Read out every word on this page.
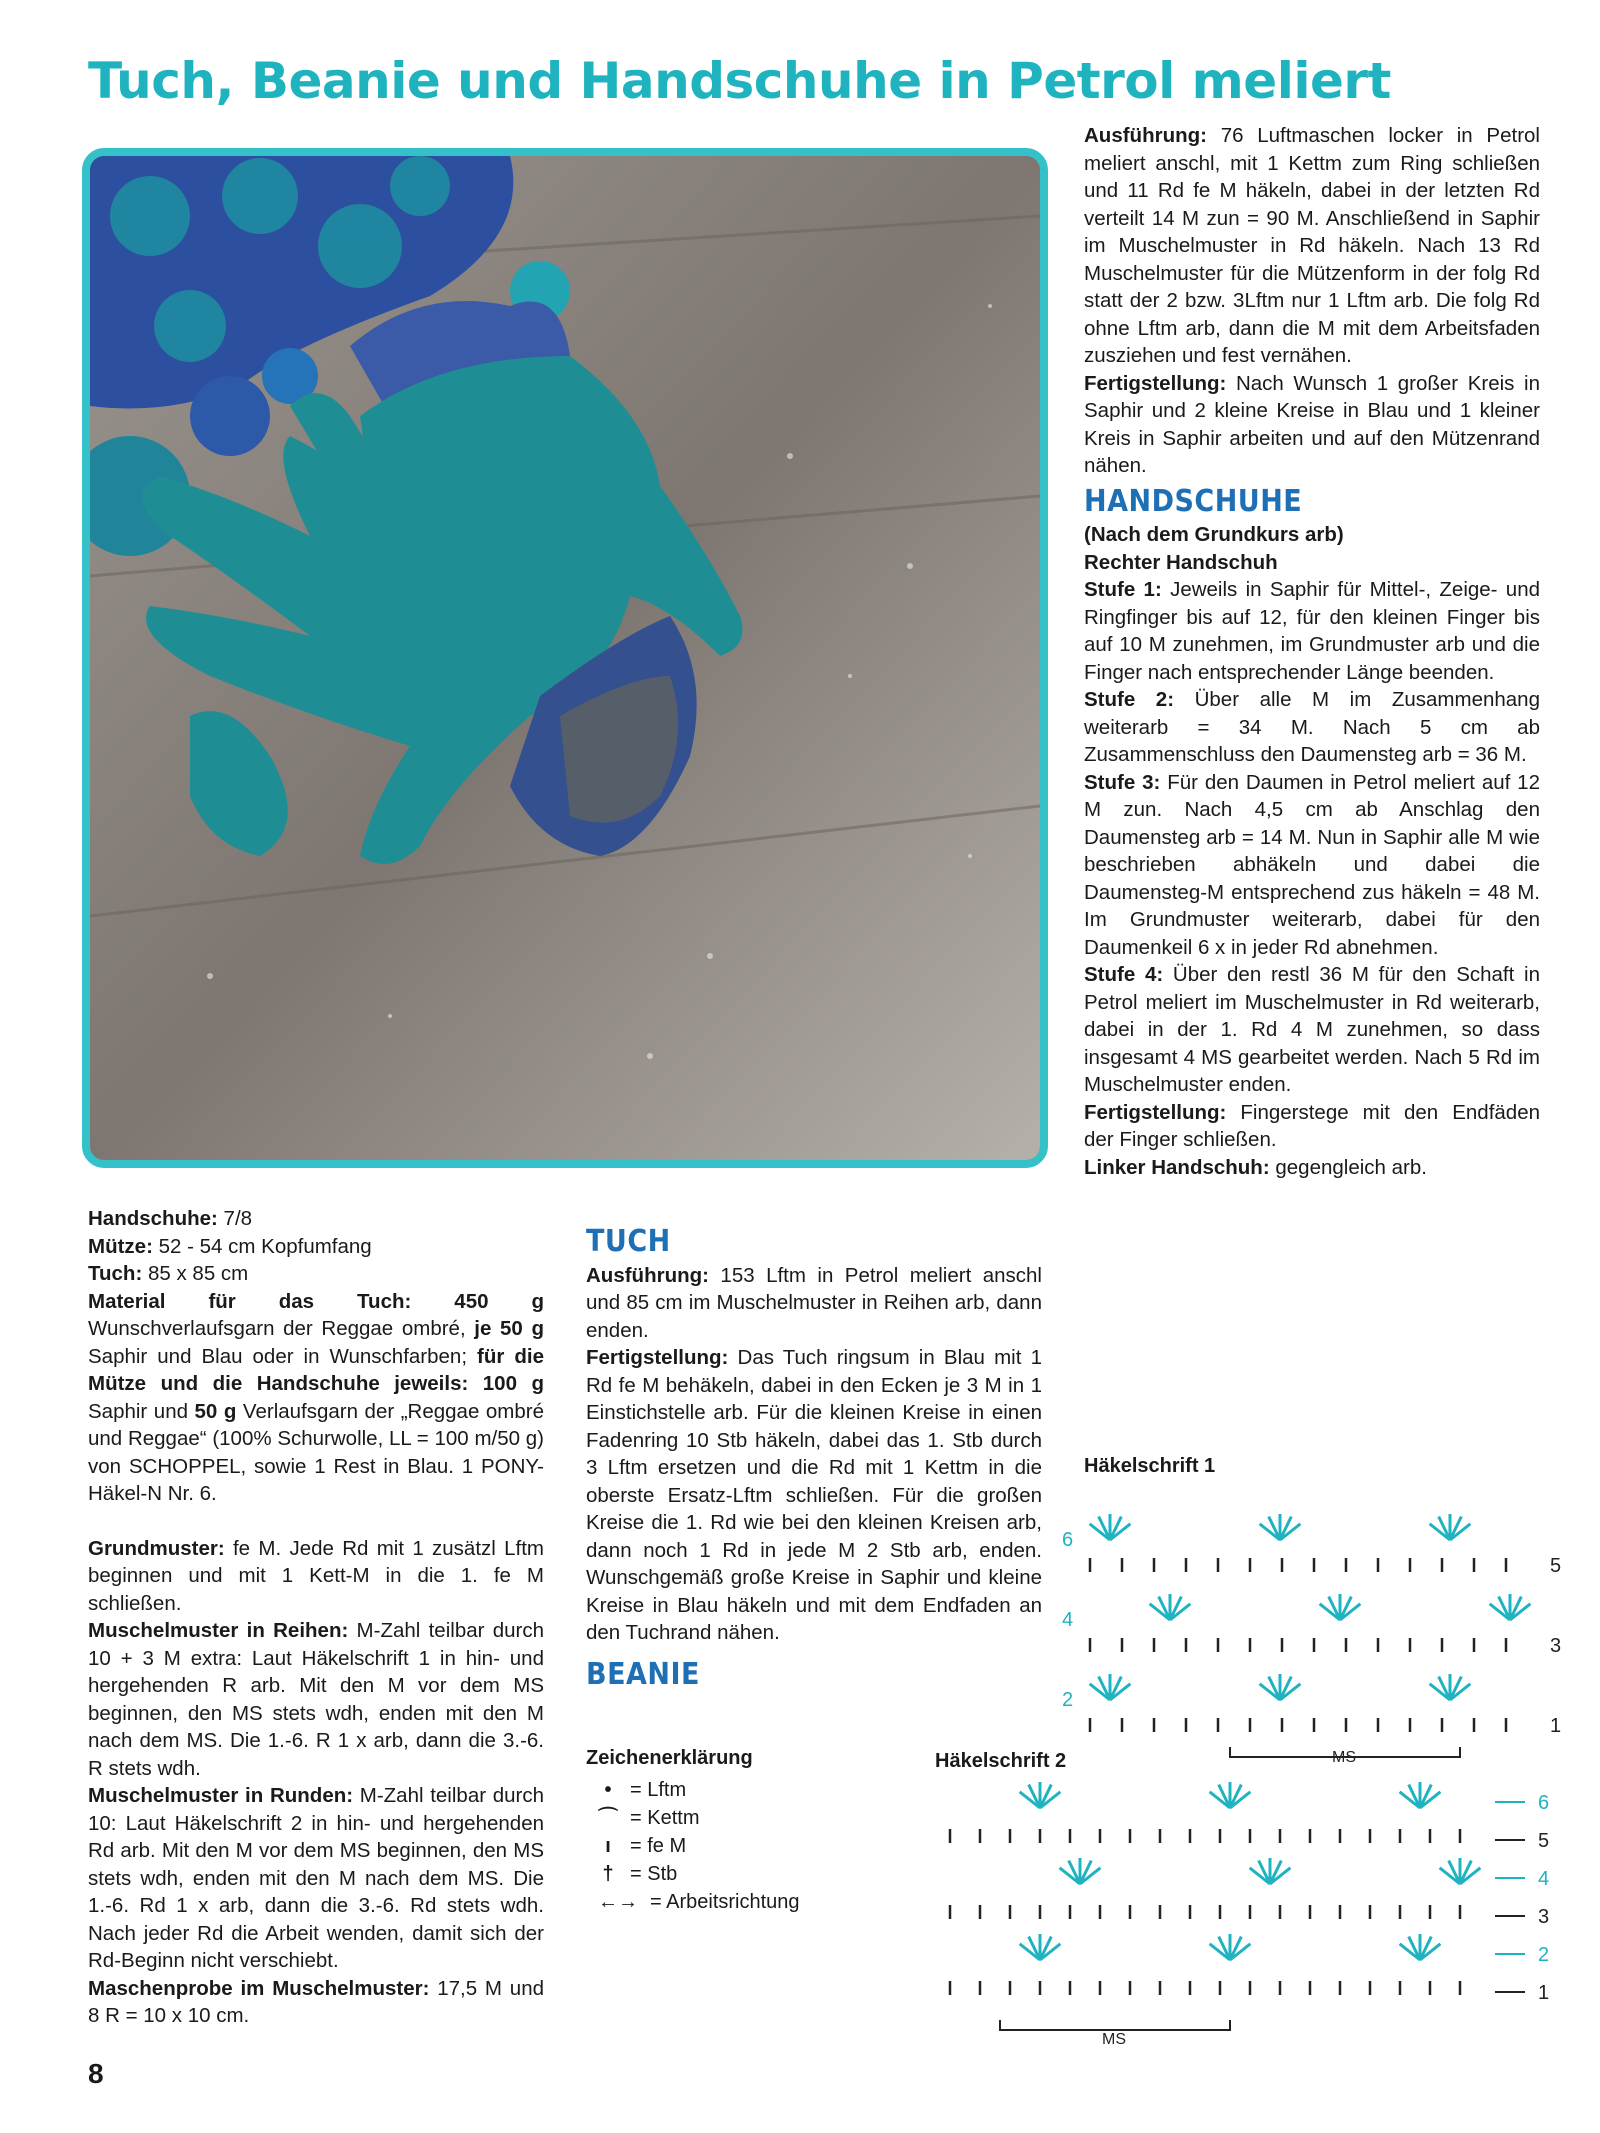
Tuch, Beanie und Handschuhe in Petrol meliert

Ausführung: 76 Luftmaschen locker in Petrol meliert anschl, mit 1 Kettm zum Ring schließen und 11 Rd fe M häkeln, dabei in der letzten Rd verteilt 14 M zun = 90 M. Anschließend in Saphir im Muschelmuster in Rd häkeln. Nach 13 Rd Muschelmuster für die Mützenform in der folg Rd statt der 2 bzw. 3Lftm nur 1 Lftm arb. Die folg Rd ohne Lftm arb, dann die M mit dem Arbeitsfaden zusziehen und fest vernähen.

Fertigstellung: Nach Wunsch 1 großer Kreis in Saphir und 2 kleine Kreise in Blau und 1 kleiner Kreis in Saphir arbeiten und auf den Mützenrand nähen.

HANDSCHUHE

(Nach dem Grundkurs arb)

Rechter Handschuh

Stufe 1: Jeweils in Saphir für Mittel-, Zeige- und Ringfinger bis auf 12, für den kleinen Finger bis auf 10 M zunehmen, im Grundmuster arb und die Finger nach entsprechender Länge beenden.

Stufe 2: Über alle M im Zusammenhang weiterarb = 34 M. Nach 5 cm ab Zusammenschluss den Daumensteg arb = 36 M.

Stufe 3: Für den Daumen in Petrol meliert auf 12 M zun. Nach 4,5 cm ab Anschlag den Daumensteg arb = 14 M. Nun in Saphir alle M wie beschrieben abhäkeln und dabei die Daumensteg-M entsprechend zus häkeln = 48 M. Im Grundmuster weiterarb, dabei für den Daumenkeil 6 x in jeder Rd abnehmen.

Stufe 4: Über den restl 36 M für den Schaft in Petrol meliert im Muschelmuster in Rd weiterarb, dabei in der 1. Rd 4 M zunehmen, so dass insgesamt 4 MS gearbeitet werden. Nach 5 Rd im Muschelmuster enden.

Fertigstellung: Fingerstege mit den Endfäden der Finger schließen.

Linker Handschuh: gegengleich arb.

Handschuhe: 7/8

Mütze: 52 - 54 cm Kopfumfang

Tuch: 85 x 85 cm

Material für das Tuch: 450 g Wunschverlaufsgarn der Reggae ombré, je 50 g Saphir und Blau oder in Wunschfarben; für die Mütze und die Handschuhe jeweils: 100 g Saphir und 50 g Verlaufsgarn der „Reggae ombré und Reggae“ (100% Schurwolle, LL = 100 m/50 g) von SCHOPPEL, sowie 1 Rest in Blau. 1 PONY-Häkel-N Nr. 6.

Grundmuster: fe M. Jede Rd mit 1 zusätzl Lftm beginnen und mit 1 Kett-M in die 1. fe M schließen.

Muschelmuster in Reihen: M-Zahl teilbar durch 10 + 3 M extra: Laut Häkelschrift 1 in hin- und hergehenden R arb. Mit den M vor dem MS beginnen, den MS stets wdh, enden mit den M nach dem MS. Die 1.-6. R 1 x arb, dann die 3.-6. R stets wdh.

Muschelmuster in Runden: M-Zahl teilbar durch 10: Laut Häkelschrift 2 in hin- und hergehenden Rd arb. Mit den M vor dem MS beginnen, den MS stets wdh, enden mit den M nach dem MS. Die 1.-6. Rd 1 x arb, dann die 3.-6. Rd stets wdh. Nach jeder Rd die Arbeit wenden, damit sich der Rd-Beginn nicht verschiebt.

Maschenprobe im Muschelmuster: 17,5 M und 8 R = 10 x 10 cm.

TUCH

Ausführung: 153 Lftm in Petrol meliert anschl und 85 cm im Muschelmuster in Reihen arb, dann enden.

Fertigstellung: Das Tuch ringsum in Blau mit 1 Rd fe M behäkeln, dabei in den Ecken je 3 M in 1 Einstichstelle arb. Für die kleinen Kreise in einen Fadenring 10 Stb häkeln, dabei das 1. Stb durch 3 Lftm ersetzen und die Rd mit 1 Kettm in die oberste Ersatz-Lftm schließen. Für die großen Kreise die 1. Rd wie bei den kleinen Kreisen arb, dann noch 1 Rd in jede M 2 Stb arb, enden. Wunschgemäß große Kreise in Saphir und kleine Kreise in Blau häkeln und mit dem Endfaden an den Tuchrand nähen.

BEANIE
Zeichenerklärung
• = Lftm
⌒ = Kettm
ı = fe M
† = Stb
←→ = Arbeitsrichtung
Häkelschrift 1
6
4
2
5
3
1
MS
Häkelschrift 2
6
5
4
3
2
1
MS
8
